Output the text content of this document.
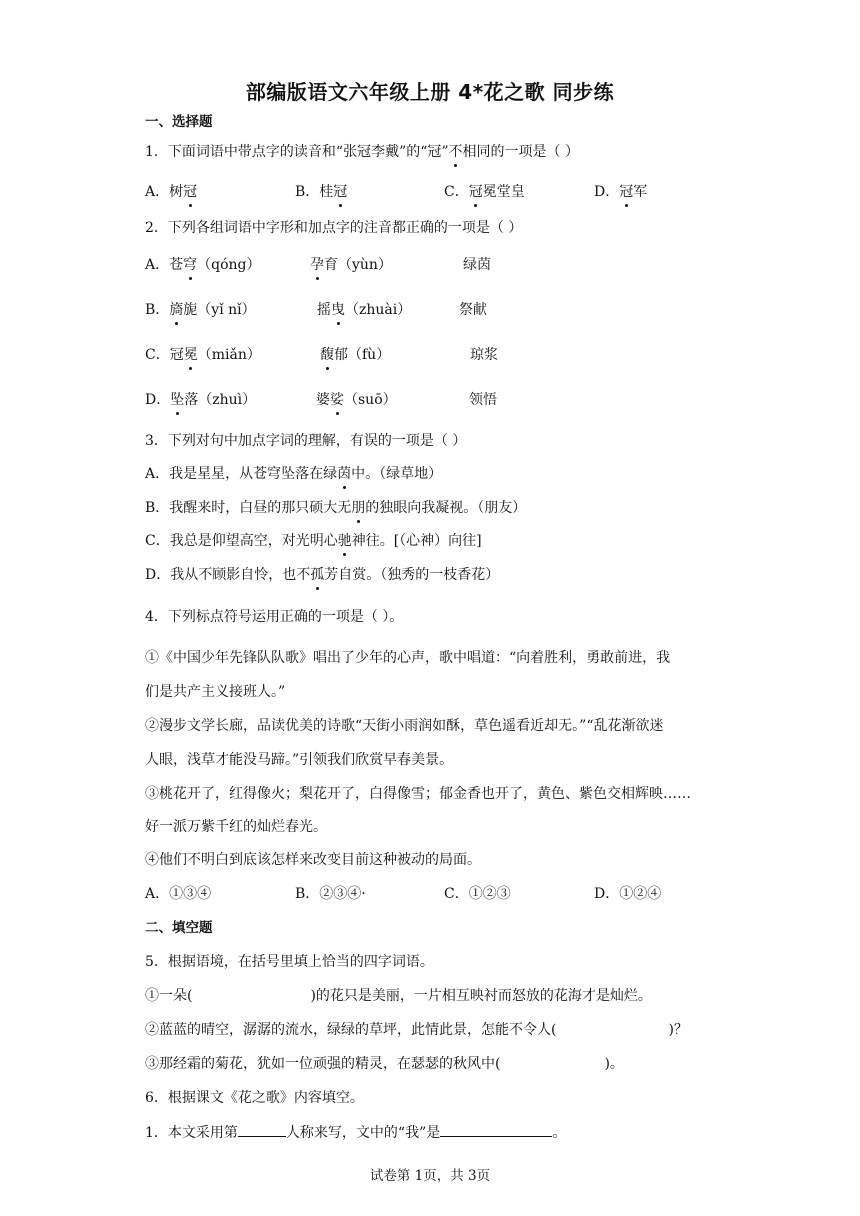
部编版语文六年级上册 4*花之歌 同步练
一、选择题
1．下面词语中带点字的读音和“张冠李戴”的“冠”不相同的一项是（ ）
A．树冠	B．桂冠	C．冠冕堂皇	D．冠军
2．下列各组词语中字形和加点字的注音都正确的一项是（ ）
A．苍穹（qóng）	孕育（yùn）	绿茵
B．旖旎（yǐ nǐ）	摇曳（zhuài）	祭献
C．冠冕（miǎn）	馥郁（fù）	琼浆
D．坠落（zhuì）	婆娑（suō）	领悟
3．下列对句中加点字词的理解，有误的一项是（ ）
A．我是星星，从苍穹坠落在绿茵中。（绿草地）
B．我醒来时，白昼的那只硕大无朋的独眼向我凝视。（朋友）
C．我总是仰望高空，对光明心驰神往。[（心神）向往]
D．我从不顾影自怜，也不孤芳自赏。（独秀的一枝香花）
4．下列标点符号运用正确的一项是（ ）。
①《中国少年先锋队队歌》唱出了少年的心声，歌中唱道：“向着胜利，勇敢前进，我
们是共产主义接班人。”
②漫步文学长廊，品读优美的诗歌“天街小雨润如酥，草色遥看近却无。”“乱花渐欲迷
人眼，浅草才能没马蹄。”引领我们欣赏早春美景。
③桃花开了，红得像火；梨花开了，白得像雪；郁金香也开了，黄色、紫色交相辉映……
好一派万紫千红的灿烂春光。
④他们不明白到底该怎样来改变目前这种被动的局面。
A．①③④	B．②③④·	C．①②③	D．①②④
二、填空题
5．根据语境，在括号里填上恰当的四字词语。
①一朵(	)的花只是美丽，一片相互映衬而怒放的花海才是灿烂。
②蓝蓝的晴空，潺潺的流水，绿绿的草坪，此情此景，怎能不令人(	)？
③那经霜的菊花，犹如一位顽强的精灵，在瑟瑟的秋风中(	)。
6．根据课文《花之歌》内容填空。
1．本文采用第	人称来写，文中的“我”是	。
试卷第 1页，共 3页
